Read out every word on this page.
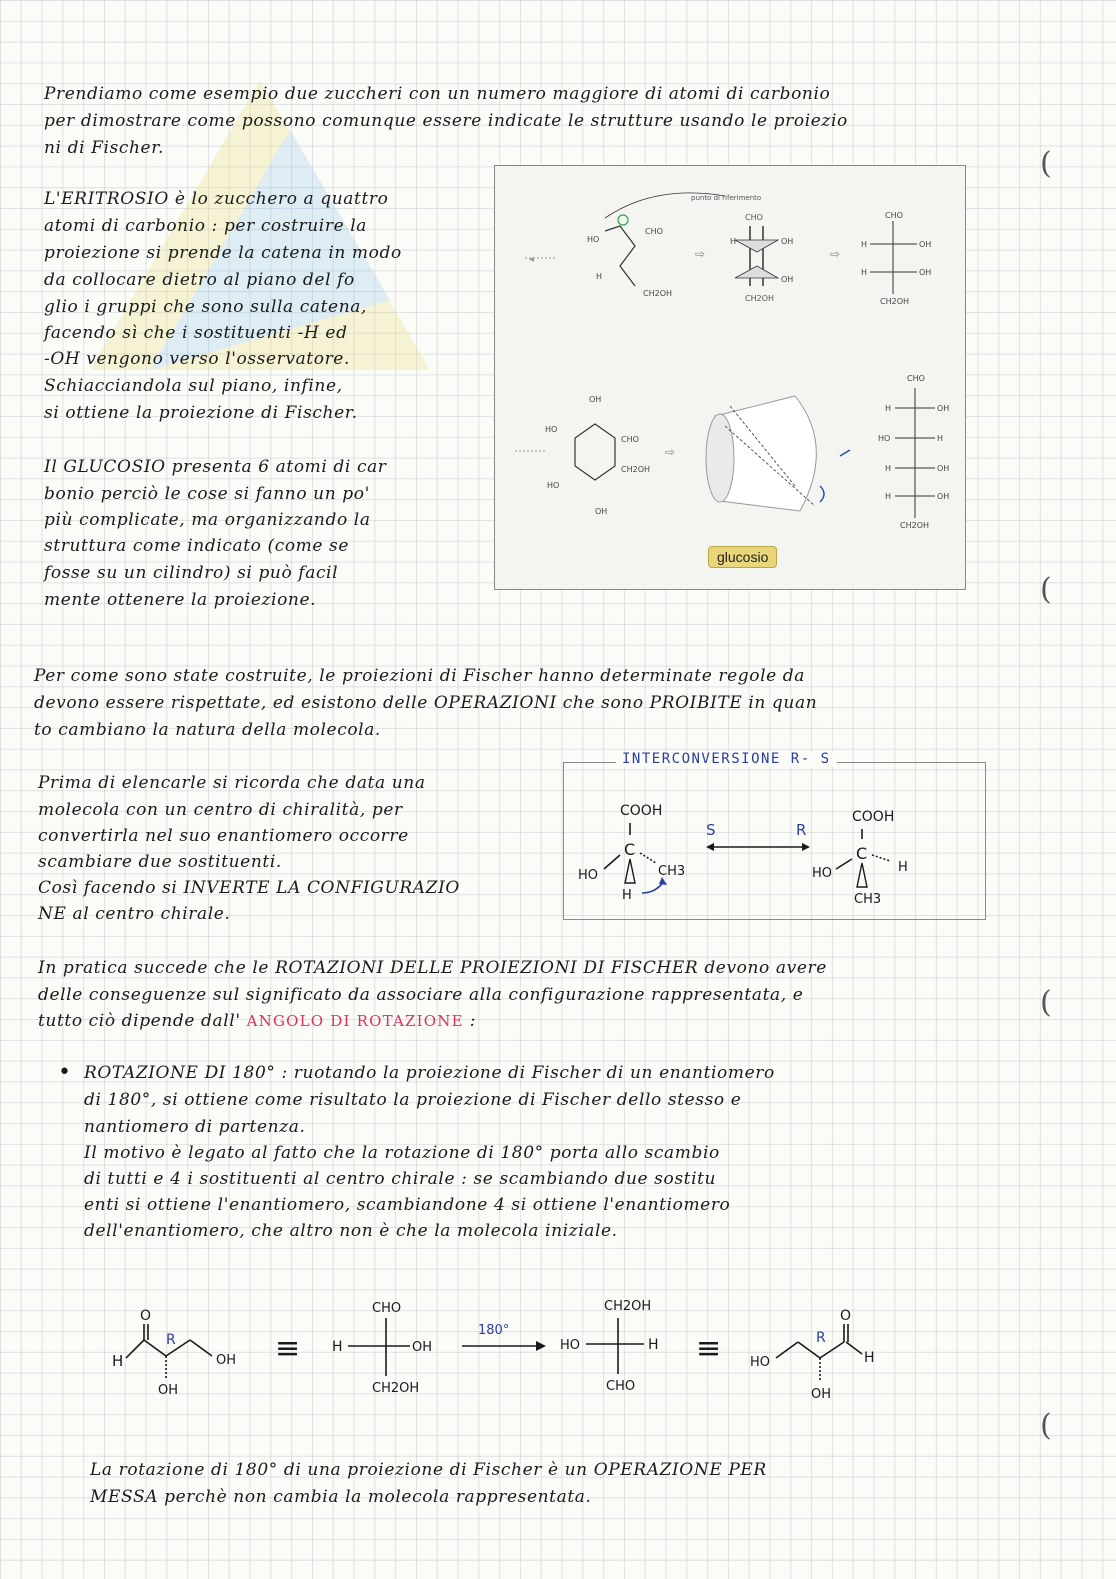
Prendiamo come esempio due zuccheri con un numero maggiore di atomi di carbonio
per dimostrare come possono comunque essere indicate le strutture usando le proiezio
ni di Fischer.
L'ERITROSIO è lo zucchero a quattro
atomi di carbonio : per costruire la
proiezione si prende la catena in modo
da collocare dietro al piano del fo
glio i gruppi che sono sulla catena,
facendo sì che i sostituenti -H ed
-OH vengono verso l'osservatore.
Schiacciandola sul piano, infine,
si ottiene la proiezione di Fischer.
Il GLUCOSIO presenta 6 atomi di car
bonio perciò le cose si fanno un po'
più complicate, ma organizzando la
struttura come indicato (come se
fosse su un cilindro) si può facil
mente ottenere la proiezione.
punto di riferimento
◂
HO
H
CHO
CH2OH
⇨
CHO
H	OH
OH
CH2OH
⇨
CHO
H	OH
H	OH
CH2OH
OH
CHO
CH2OH
HO
HO
OH
⇨
CHO
H	OH
HO	H
H	OH
H	OH
CH2OH
glucosio
Per come sono state costruite, le proiezioni di Fischer hanno determinate regole da
devono essere rispettate, ed esistono delle OPERAZIONI che sono PROIBITE in quan
to cambiano la natura della molecola.
Prima di elencarle si ricorda che data una
molecola con un centro di chiralità, per
convertirla nel suo enantiomero occorre
scambiare due sostituenti.
Così facendo si INVERTE LA CONFIGURAZIO
NE al centro chirale.
COOH
C
HO	CH3
H
S	R
COOH
C
HO	H
CH3
INTERCONVERSIONE R- S
In pratica succede che le ROTAZIONI DELLE PROIEZIONI DI FISCHER devono avere
delle conseguenze sul significato da associare alla configurazione rappresentata, e
tutto ciò dipende dall' ANGOLO DI ROTAZIONE :
• ROTAZIONE DI 180° : ruotando la proiezione di Fischer di un enantiomero
di 180°, si ottiene come risultato la proiezione di Fischer dello stesso e
nantiomero di partenza.
Il motivo è legato al fatto che la rotazione di 180° porta allo scambio
di tutti e 4 i sostituenti al centro chirale : se scambiando due sostitu
enti si ottiene l'enantiomero, scambiandone 4 si ottiene l'enantiomero
dell'enantiomero, che altro non è che la molecola iniziale.
H
O
R
OH
OH ≡
CHO
H	OH
CH2OH
180°
CH2OH
HO	H
CHO
≡ HO
R
OH
O
H
La rotazione di 180° di una proiezione di Fischer è un OPERAZIONE PER
MESSA perchè non cambia la molecola rappresentata.
(
(
(
(
